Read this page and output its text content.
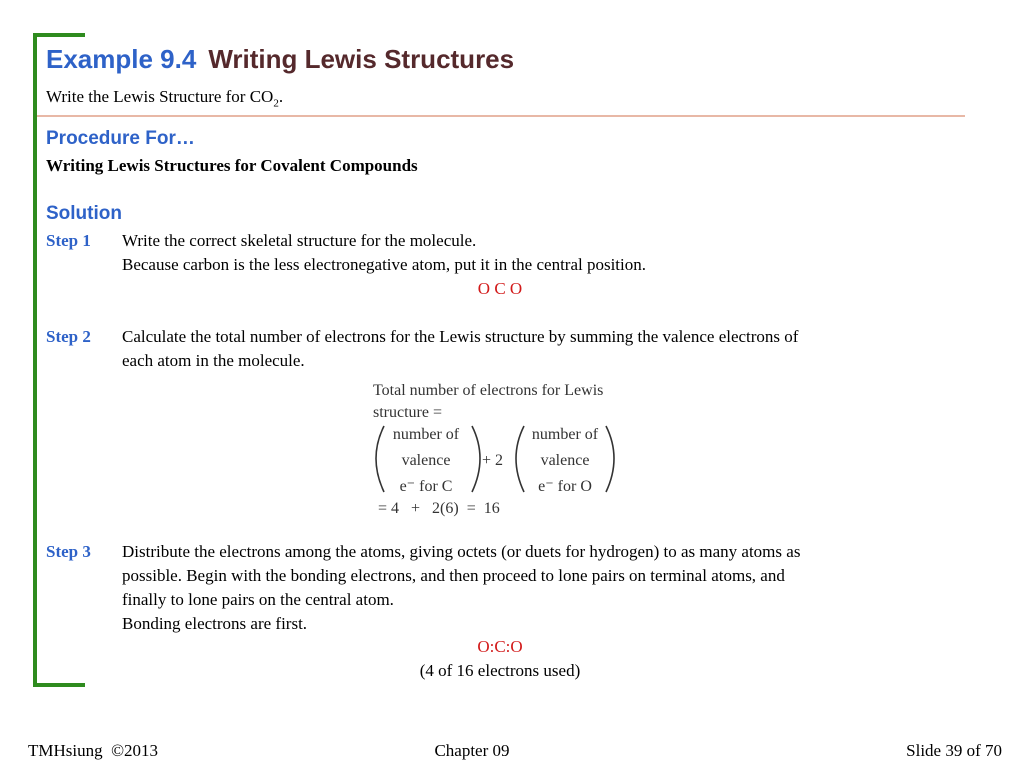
Example 9.4 Writing Lewis Structures
Write the Lewis Structure for $CO_2$.
Procedure For…
Writing Lewis Structures for Covalent Compounds
Solution
Step 1 Write the correct skeletal structure for the molecule.
Because carbon is the less electronegative atom, put it in the central position.
O C O
Step 2 Calculate the total number of electrons for the Lewis structure by summing the valence electrons of
each atom in the molecule.
Total number of electrons for Lewis
structure =
number of
valence
e⁻ for C
+ 2
number of
valence
e⁻ for O
= 4   +   2(6)  =  16
Step 3 Distribute the electrons among the atoms, giving octets (or duets for hydrogen) to as many atoms as
possible. Begin with the bonding electrons, and then proceed to lone pairs on terminal atoms, and
finally to lone pairs on the central atom.
Bonding electrons are first.
O:C:O
(4 of 16 electrons used)
TMHsiung  ©2013	Chapter 09	Slide 39 of 70
